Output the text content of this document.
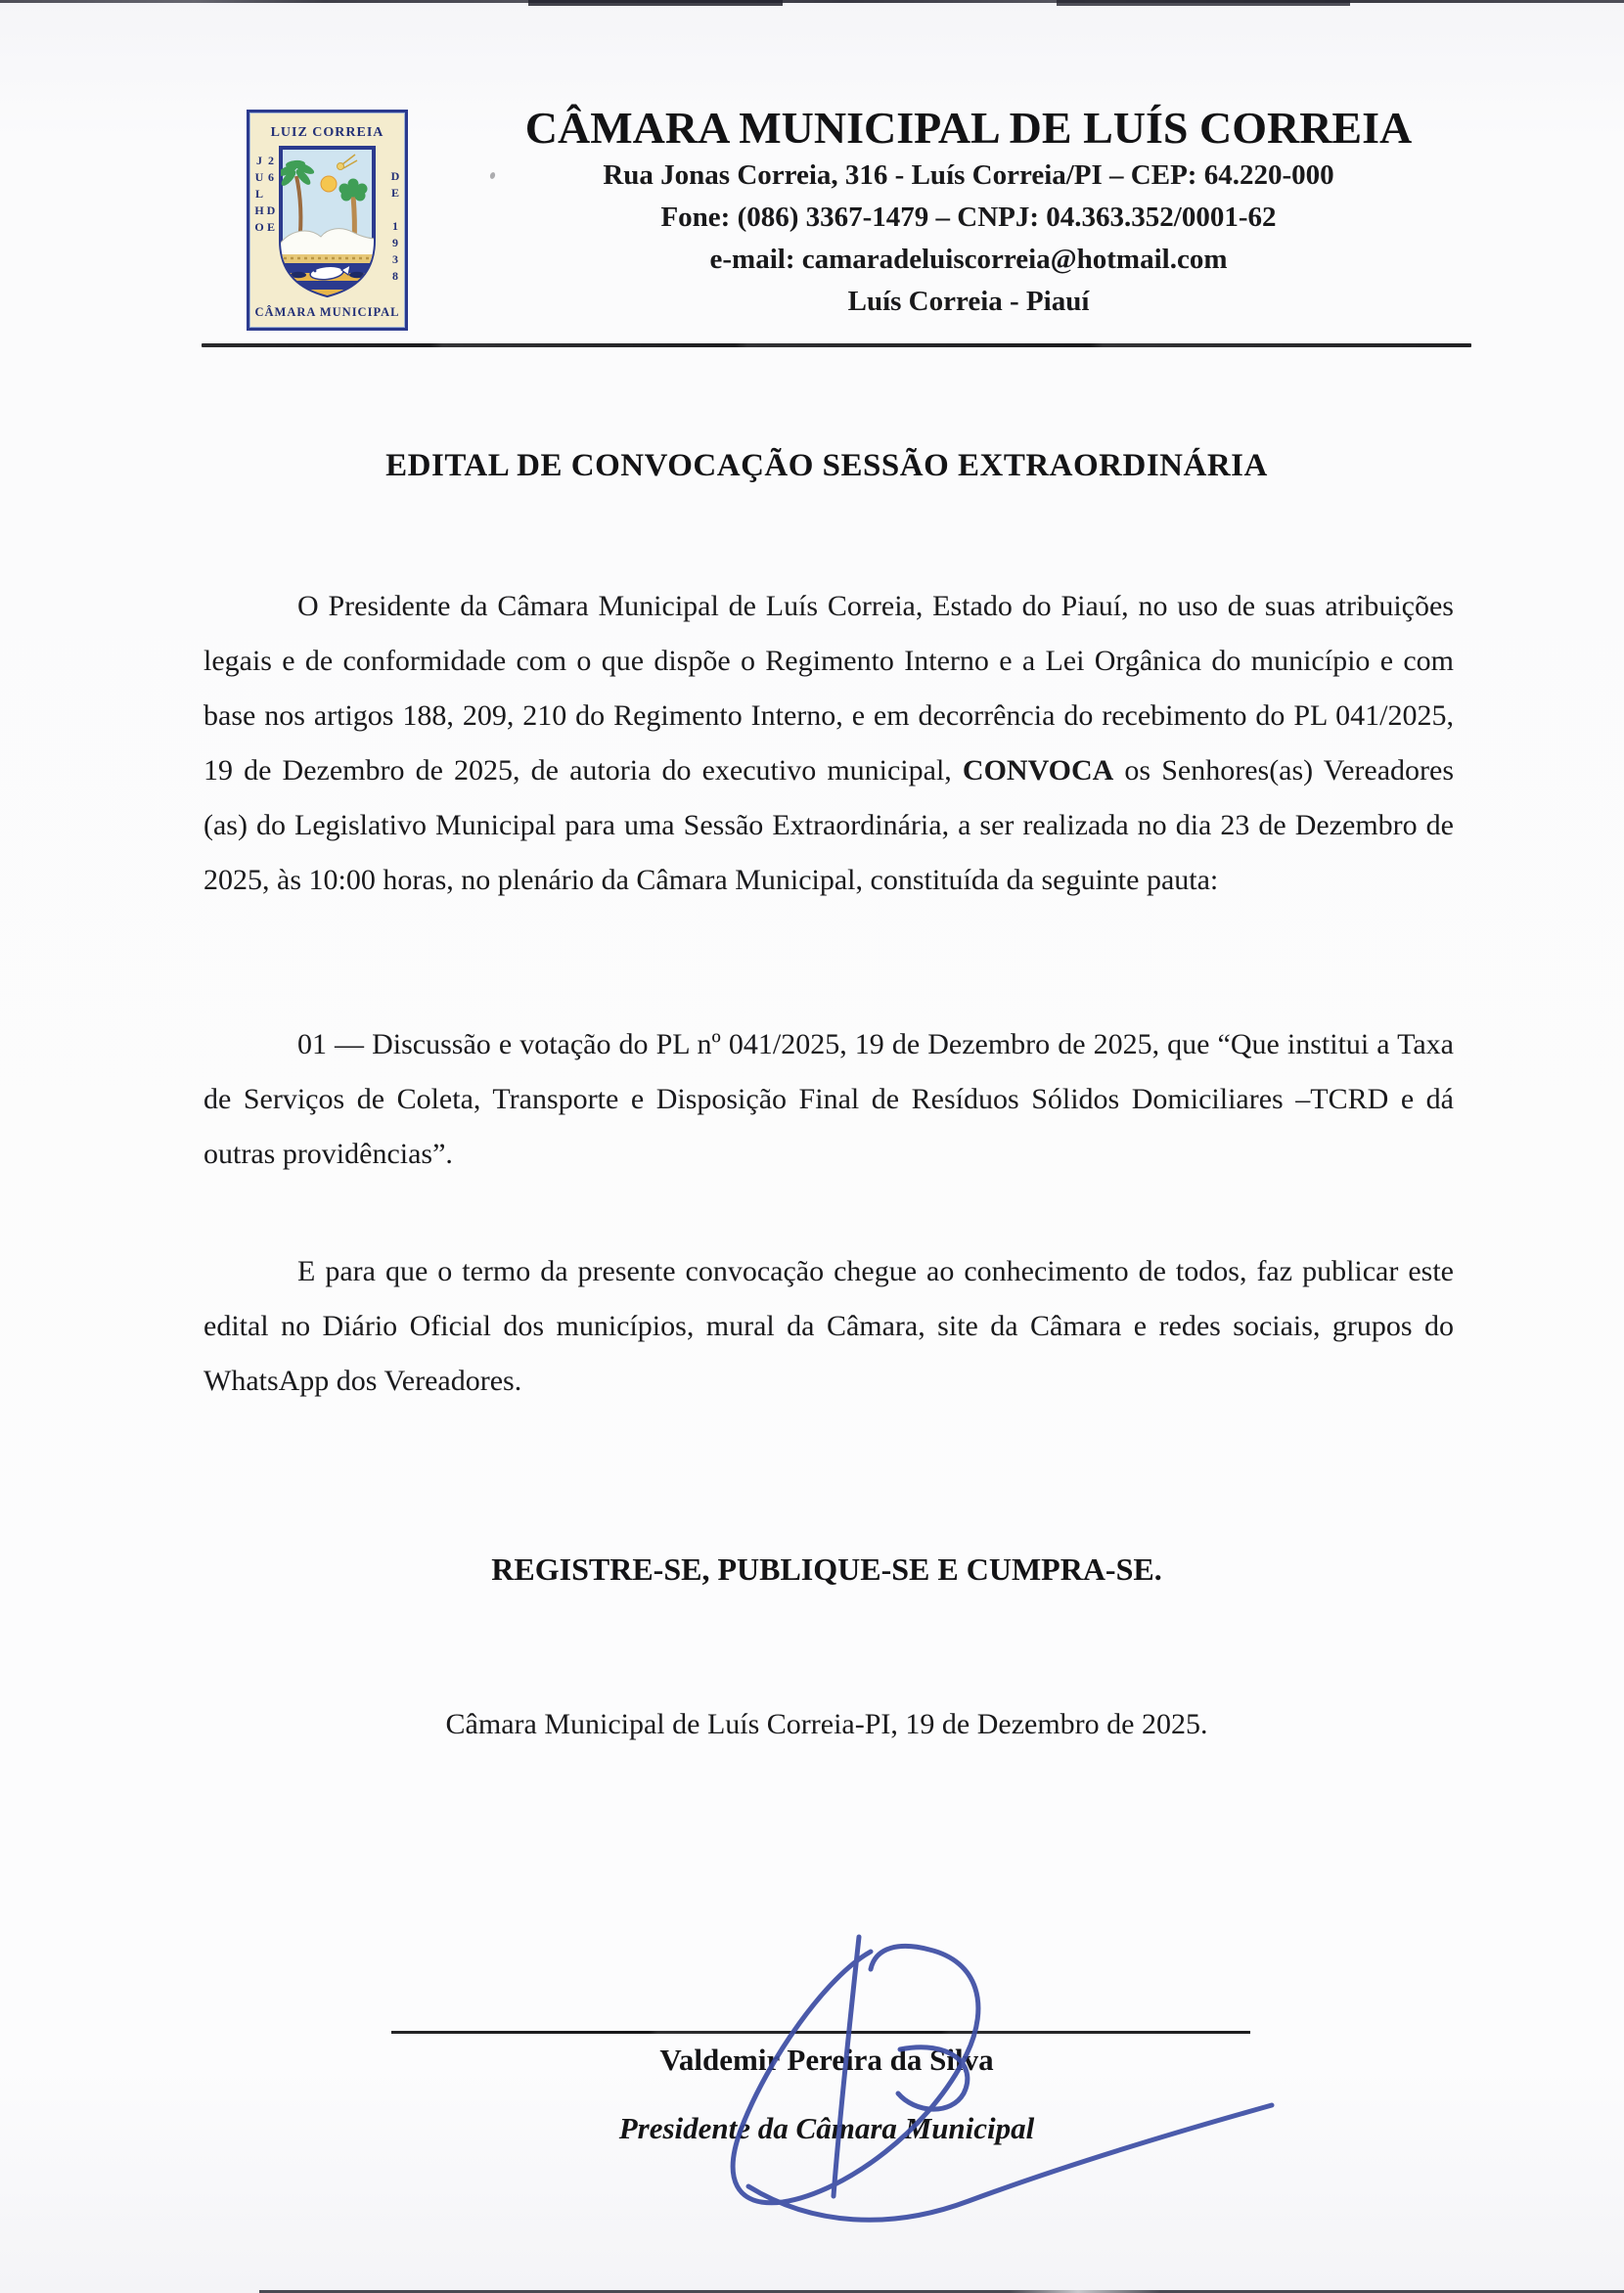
LUIZ CORREIA
26 DE JULHO	DE 1938
CÂMARA MUNICIPAL
CÂMARA MUNICIPAL DE LUÍS CORREIA
Rua Jonas Correia, 316 - Luís Correia/PI – CEP: 64.220-000
Fone: (086) 3367-1479 – CNPJ: 04.363.352/0001-62
e-mail: camaradeluiscorreia@hotmail.com
Luís Correia - Piauí
EDITAL DE CONVOCAÇÃO SESSÃO EXTRAORDINÁRIA
O Presidente da Câmara Municipal de Luís Correia, Estado do Piauí, no uso de suas atribuições legais e de conformidade com o que dispõe o Regimento Interno e a Lei Orgânica do município e com base nos artigos 188, 209, 210 do Regimento Interno, e em decorrência do recebimento do PL 041/2025, 19 de Dezembro de 2025, de autoria do executivo municipal, CONVOCA os Senhores(as) Vereadores (as) do Legislativo Municipal para uma Sessão Extraordinária, a ser realizada no dia 23 de Dezembro de 2025, às 10:00 horas, no plenário da Câmara Municipal, constituída da seguinte pauta:
01 — Discussão e votação do PL nº 041/2025, 19 de Dezembro de 2025, que “Que institui a Taxa de Serviços de Coleta, Transporte e Disposição Final de Resíduos Sólidos Domiciliares –TCRD e dá outras providências”.
E para que o termo da presente convocação chegue ao conhecimento de todos, faz publicar este edital no Diário Oficial dos municípios, mural da Câmara, site da Câmara e redes sociais, grupos do WhatsApp dos Vereadores.
REGISTRE-SE, PUBLIQUE-SE E CUMPRA-SE.
Câmara Municipal de Luís Correia-PI, 19 de Dezembro de 2025.
Valdemir Pereira da Silva
Presidente da Câmara Municipal
